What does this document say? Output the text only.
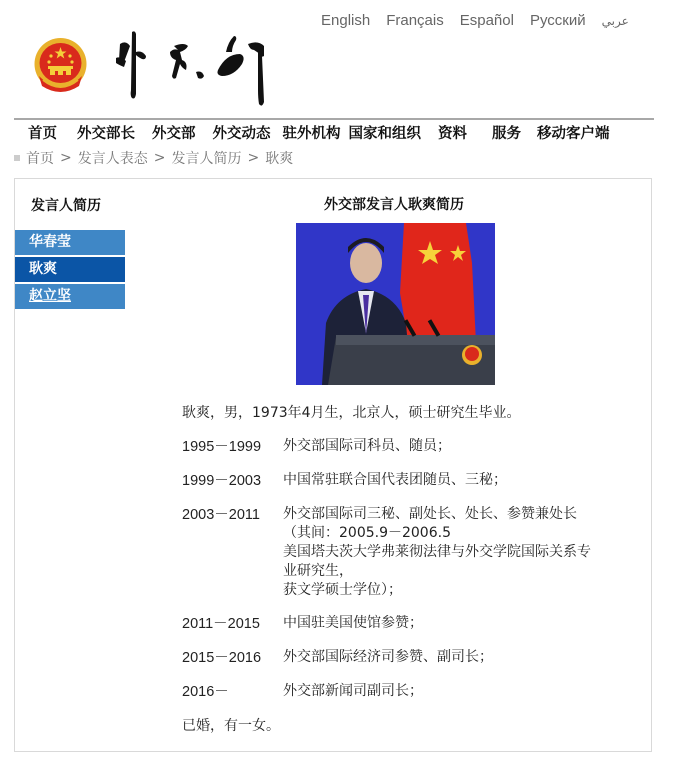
English Français Español Русский عربي
首页 外交部长 外交部 外交动态 驻外机构 国家和组织 资料 服务 移动客户端
首页 > 发言人表态 > 发言人简历 > 耿爽
发言人简历
华春莹
耿爽
赵立坚
外交部发言人耿爽简历
耿爽，男，1973年4月生，北京人，硕士研究生毕业。
1995－1999	外交部国际司科员、随员；
1999－2003	中国常驻联合国代表团随员、三秘；
2003－2011	外交部国际司三秘、副处长、处长、参赞兼处长
（其间：2005.9－2006.5
美国塔夫茨大学弗莱彻法律与外交学院国际关系专
业研究生，
获文学硕士学位）；
2011－2015	中国驻美国使馆参赞；
2015－2016	外交部国际经济司参赞、副司长；
2016－	外交部新闻司副司长；
已婚，有一女。
